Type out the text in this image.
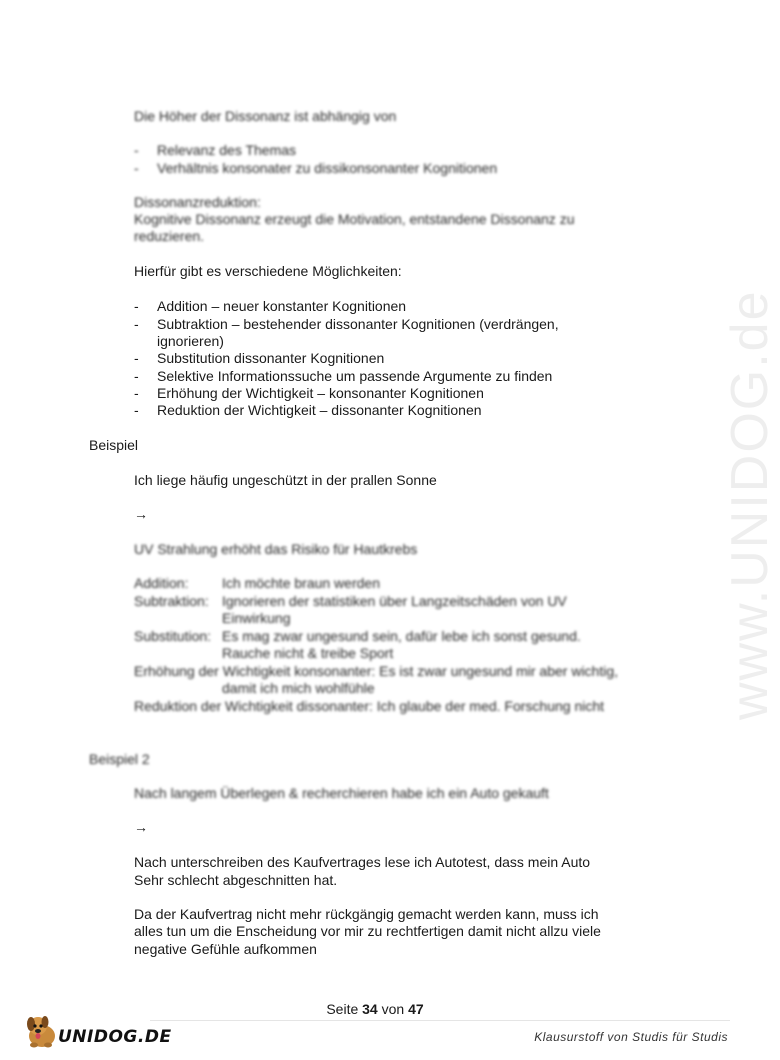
www.UNIDOG.de
Die Höher der Dissonanz ist abhängig von
- Relevanz des Themas
- Verhältnis konsonater zu dissikonsonanter Kognitionen
Dissonanzreduktion:
Kognitive Dissonanz erzeugt die Motivation, entstandene Dissonanz zu
reduzieren.
Hierfür gibt es verschiedene Möglichkeiten:
- Addition – neuer konstanter Kognitionen
- Subtraktion – bestehender dissonanter Kognitionen (verdrängen,
ignorieren)
- Substitution dissonanter Kognitionen
- Selektive Informationssuche um passende Argumente zu finden
- Erhöhung der Wichtigkeit – konsonanter Kognitionen
- Reduktion der Wichtigkeit – dissonanter Kognitionen
Beispiel
Ich liege häufig ungeschützt in der prallen Sonne
→
UV Strahlung erhöht das Risiko für Hautkrebs
Addition: Ich möchte braun werden
Subtraktion: Ignorieren der statistiken über Langzeitschäden von UV
Einwirkung
Substitution: Es mag zwar ungesund sein, dafür lebe ich sonst gesund.
Rauche nicht & treibe Sport
Erhöhung der Wichtigkeit konsonanter: Es ist zwar ungesund mir aber wichtig,
damit ich mich wohlfühle
Reduktion der Wichtigkeit dissonanter: Ich glaube der med. Forschung nicht
Beispiel 2
Nach langem Überlegen & recherchieren habe ich ein Auto gekauft
→
Nach unterschreiben des Kaufvertrages lese ich Autotest, dass mein Auto
Sehr schlecht abgeschnitten hat.
Da der Kaufvertrag nicht mehr rückgängig gemacht werden kann, muss ich
alles tun um die Enscheidung vor mir zu rechtfertigen damit nicht allzu viele
negative Gefühle aufkommen
Seite 34 von 47
UNIDOG.DE	Klausurstoff von Studis für Studis
